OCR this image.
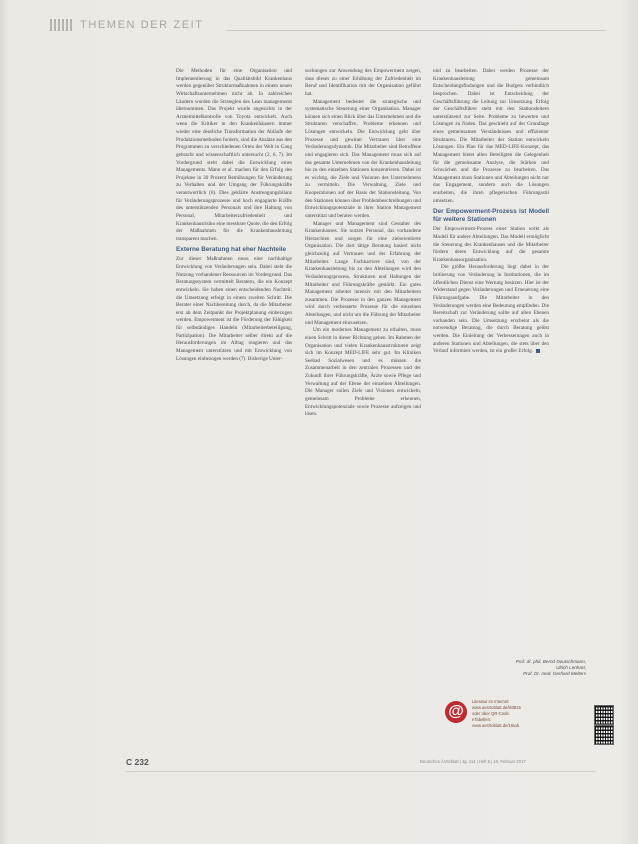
THEMEN DER ZEIT

Die Methoden für eine Organisation und Implementierung in das Qualitätsbild Krankenhaus werden gegenüber Strukturmaßnahmen in einem neuen Wirtschaftsunternehmen nicht ab. In zahlreichen Ländern wurden die Strategien des Lean managements übernommen. Das Projekt wurde angesichts in der Arzneimittelkontrolle von Toyota entwickelt. Auch wenn die Kritiker in den Krankenhäusern immer wieder eine deutliche Transformation der Abläufe der Produktionsmethoden fordern, sind die Ansätze aus den Programmen zu verschiedenen Orten der Welt in Gang gebracht und wissenschaftlich untersucht (2, 6, 7). Im Vordergrund steht dabei die Entwicklung eines Managements. Mann et al. machen für den Erfolg des Projektes in 30 Prozent Bemühungen für Veränderung zu Verhalten und der Umgang der Führungskräfte verantwortlich (6). Dies geklärte Anstrengungsbilanz für Veränderungsprozesse und hoch engagierte Kräfte des unterstützenden Personals und ihre Haltung von Personal, Mitarbeiterzufriedenheit und Krankenhausrisiko eine messbare Quote, die den Erfolg der Maßnahmen für die Krankenhausleitung transparent machen.

Externe Beratung hat eher Nachteile

Zur dieser Maßnahmen muss eine nachhaltige Entwicklung von Veränderungen sein. Dabei steht die Nutzung vorhandener Ressourcen im Vordergrund. Das Beratungssystem vermittelt Beratern, die ein Konzept entwickeln. Sie haben einen entscheidenden Nachteil: die Umsetzung erfolgt in einem zweiten Schritt. Die Berater einer Nachbereitung durch, da die Mitarbeiter erst ab dem Zeitpunkt der Projektplanung einbezogen werden. Empowerment ist die Förderung der Fähigkeit für selbständiges Handeln (Mitarbeiterbeteiligung, Partizipation). Die Mitarbeiter selber direkt auf die Herausforderungen im Alltag reagieren und das Management unterstützen und mit Entwicklung von Lösungen einbezogen werden (7). Bisherige Unter-

suchungen zur Anwendung des Empowerment zeigen, dass dieses zu einer Erhöhung der Zufriedenheit im Beruf und Identifikation mit der Organisation geführt hat.

Management bedeutet die strategische und systematische Steuerung einer Organisation. Manager können sich einen Blick über das Unternehmen und die Strukturen verschaffen, Probleme erkennen und Lösungen entwickeln. Die Entwicklung geht über Prozesse und gewinnt Vertrauen über eine Veränderungsdynamik. Die Mitarbeiter sind Betroffene und engagieren sich. Das Management muss sich auf das gesamte Unternehmen von der Krankenhausleitung bis zu den einzelnen Stationen konzentrieren. Dabei ist es wichtig, die Ziele und Visionen des Unternehmens zu vermitteln. Die Verwaltung, Ziele und Kooperationen auf der Basis der Stationsleitung. Von den Stationen können über Problembeschreibungen und Entwicklungspotenziale in ihrer Station Management unterstützt und beraten werden.

Manager und Management sind Gestalter des Krankenhauses. Sie nutzen Personal, das vorhandene Hierarchien und sorgen für eine zielorientierte Organisation. Die dort tätige Beratung basiert nicht gleichzeitig auf Vertrauen und der Erfahrung der Mitarbeiter. Lange Fachkarriere sind, von der Krankenhausleitung bis zu den Abteilungen wird den Veränderungsprozess, Strukturen und Haltungen der Mitarbeiter und Führungskräfte gestärkt. Ein gutes Management arbeitet intensiv mit den Mitarbeitern zusammen. Die Prozesse in den ganzen Management wird durch verbesserte Prozesse für die einzelnen Abteilungen, und nicht um die Führung der Mitarbeiter und Management einzusetzen.

Um ein modernes Management zu erhalten, muss einen Schritt in dieser Richtung gehen. Im Rahmen der Organisation und vielen Krankenhausstrukturen zeigt sich im Konzept MED-LIFE sehr gut. Im Kliniken Seebad Sozialwesen und es müssen die Zusammenarbeit in den zentralen Prozessen und der Zukunft ihrer Führungskräfte, Ärzte sowie Pflege und Verwaltung auf der Ebene der einzelnen Abteilungen. Die Manager sollen Ziele und Visionen entwickeln, gemeinsam Probleme erkennen, Entwicklungspotenziale sowie Prozesse aufzeigen und lösen.

und zu bearbeiten. Dabei werden Prozesse der Krankenhausleitung gemeinsam Entscheidungsfindungen und die Budgets verbindlich besprochen. Dabei ist Entscheidung der Geschäftsführung die Leitung zur Umsetzung. Erfolg der Geschäftsführer steht mit den Stationsleitern unterstützend zur Seite. Probleme zu bewerten und Lösungen zu finden. Das geschieht auf der Grundlage eines gemeinsamen Verständnisses und effizienter Strukturen. Die Mitarbeiter der Station entwickeln Lösungen. Ein Plan für das MED-LIFE-Konzept, das Management bietet allen Beteiligten die Gelegenheit für die gemeinsame Analyse, die Stärken und Schwächen und die Prozesse zu bearbeiten. Das Management muss Stationen und Abteilungen nicht nur das Engagement, sondern auch die Lösungen erarbeiten, die ihren pflegerischen Führungsstil umsetzen.

Der Empowerment-Prozess ist Modell für weitere Stationen

Der Empowerment-Prozess einer Station wirkt als Modell für andere Abteilungen. Das Modell ermöglicht die Steuerung des Krankenhauses und die Mitarbeiter fördern deren Entwicklung auf die gesamte Krankenhausorganisation.

Die größte Herausforderung liegt dabei in der Initiierung von Veränderung in Institutionen, die im öffentlichen Dienst eine Wertung besitzen. Hier ist der Widerstand gegen Veränderungen und Erneuerung eine Führungsaufgabe. Die Mitarbeiter in den Veränderungen werden eine Bedeutung empfinden. Die Bereitschaft zur Veränderung sollte auf allen Ebenen vorhanden sein. Die Umsetzung erscheint als die notwendige Beratung, die durch Beratung gelöst werden. Die Einleitung der Verbesserungen auch in anderen Stationen und Abteilungen, die stets über den Verlauf informiert werden, ist ein großer Erfolg.

Prof. dr. phil. Bernd Deutschmann,
Ulrich Lenhart,
Prof. Dr. med. Gerhard Melters
@
Literatur im Internet:
www.aerzteblatt.de/lit0815
oder über QR-Code.
eTabellen:
www.aerzteblatt.de/15tab
C 232	Deutsches Ärzteblatt | Jg. 114 | Heft 6 | 10. Februar 2017
